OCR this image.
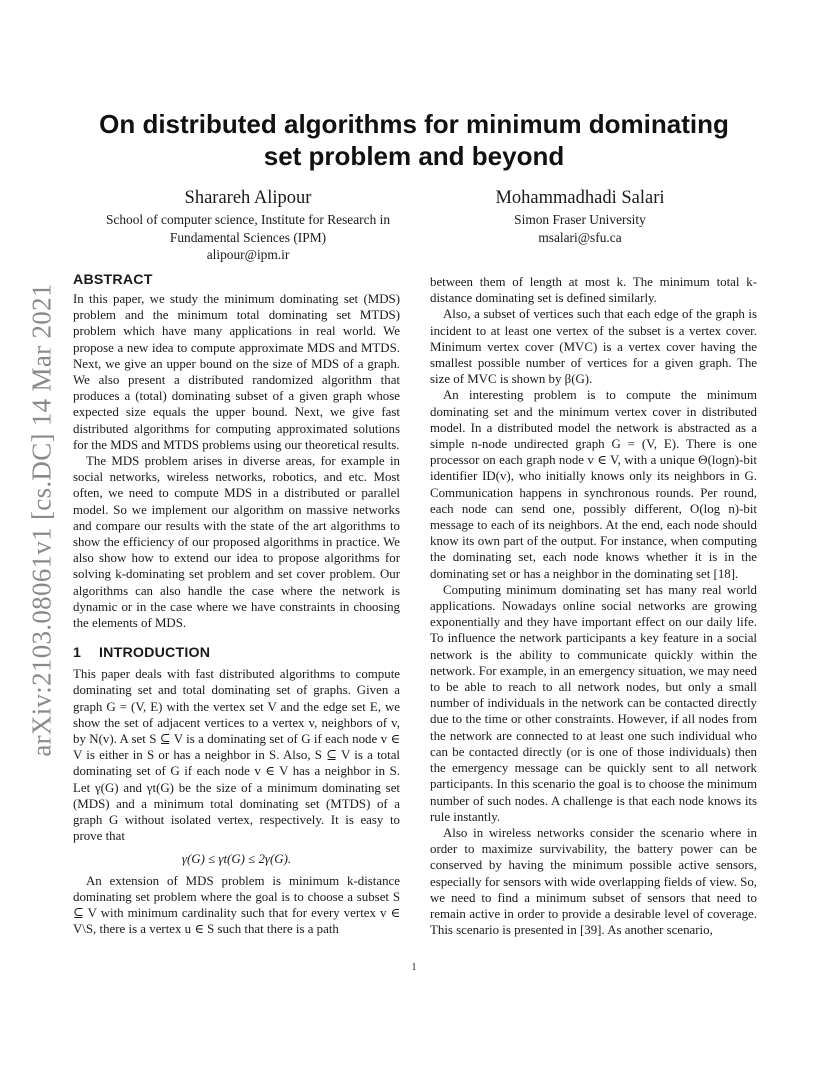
arXiv:2103.08061v1 [cs.DC] 14 Mar 2021
On distributed algorithms for minimum dominating
set problem and beyond
Sharareh Alipour
School of computer science, Institute for Research in
Fundamental Sciences (IPM)
alipour@ipm.ir
Mohammadhadi Salari
Simon Fraser University
msalari@sfu.ca
ABSTRACT

In this paper, we study the minimum dominating set (MDS) problem and the minimum total dominating set MTDS) problem which have many applications in real world. We propose a new idea to compute approximate MDS and MTDS. Next, we give an upper bound on the size of MDS of a graph. We also present a distributed randomized algorithm that produces a (total) dominating subset of a given graph whose expected size equals the upper bound. Next, we give fast distributed algorithms for computing approximated solutions for the MDS and MTDS problems using our theoretical results.

The MDS problem arises in diverse areas, for example in social networks, wireless networks, robotics, and etc. Most often, we need to compute MDS in a distributed or parallel model. So we implement our algorithm on massive networks and compare our results with the state of the art algorithms to show the efficiency of our proposed algorithms in practice. We also show how to extend our idea to propose algorithms for solving k-dominating set problem and set cover problem. Our algorithms can also handle the case where the network is dynamic or in the case where we have constraints in choosing the elements of MDS.

1 INTRODUCTION

This paper deals with fast distributed algorithms to compute dominating set and total dominating set of graphs. Given a graph G = (V, E) with the vertex set V and the edge set E, we show the set of adjacent vertices to a vertex v, neighbors of v, by N(v). A set S ⊆ V is a dominating set of G if each node v ∈ V is either in S or has a neighbor in S. Also, S ⊆ V is a total dominating set of G if each node v ∈ V has a neighbor in S. Let γ(G) and γt(G) be the size of a minimum dominating set (MDS) and a minimum total dominating set (MTDS) of a graph G without isolated vertex, respectively. It is easy to prove that

γ(G) ≤ γt(G) ≤ 2γ(G).

An extension of MDS problem is minimum k-distance dominating set problem where the goal is to choose a subset S ⊆ V with minimum cardinality such that for every vertex v ∈ V\S, there is a vertex u ∈ S such that there is a path

between them of length at most k. The minimum total k-distance dominating set is defined similarly.

Also, a subset of vertices such that each edge of the graph is incident to at least one vertex of the subset is a vertex cover. Minimum vertex cover (MVC) is a vertex cover having the smallest possible number of vertices for a given graph. The size of MVC is shown by β(G).

An interesting problem is to compute the minimum dominating set and the minimum vertex cover in distributed model. In a distributed model the network is abstracted as a simple n-node undirected graph G = (V, E). There is one processor on each graph node v ∈ V, with a unique Θ(logn)-bit identifier ID(v), who initially knows only its neighbors in G. Communication happens in synchronous rounds. Per round, each node can send one, possibly different, O(log n)-bit message to each of its neighbors. At the end, each node should know its own part of the output. For instance, when computing the dominating set, each node knows whether it is in the dominating set or has a neighbor in the dominating set [18].

Computing minimum dominating set has many real world applications. Nowadays online social networks are growing exponentially and they have important effect on our daily life. To influence the network participants a key feature in a social network is the ability to communicate quickly within the network. For example, in an emergency situation, we may need to be able to reach to all network nodes, but only a small number of individuals in the network can be contacted directly due to the time or other constraints. However, if all nodes from the network are connected to at least one such individual who can be contacted directly (or is one of those individuals) then the emergency message can be quickly sent to all network participants. In this scenario the goal is to choose the minimum number of such nodes. A challenge is that each node knows its rule instantly.

Also in wireless networks consider the scenario where in order to maximize survivability, the battery power can be conserved by having the minimum possible active sensors, especially for sensors with wide overlapping fields of view. So, we need to find a minimum subset of sensors that need to remain active in order to provide a desirable level of coverage. This scenario is presented in [39]. As another scenario,

1
